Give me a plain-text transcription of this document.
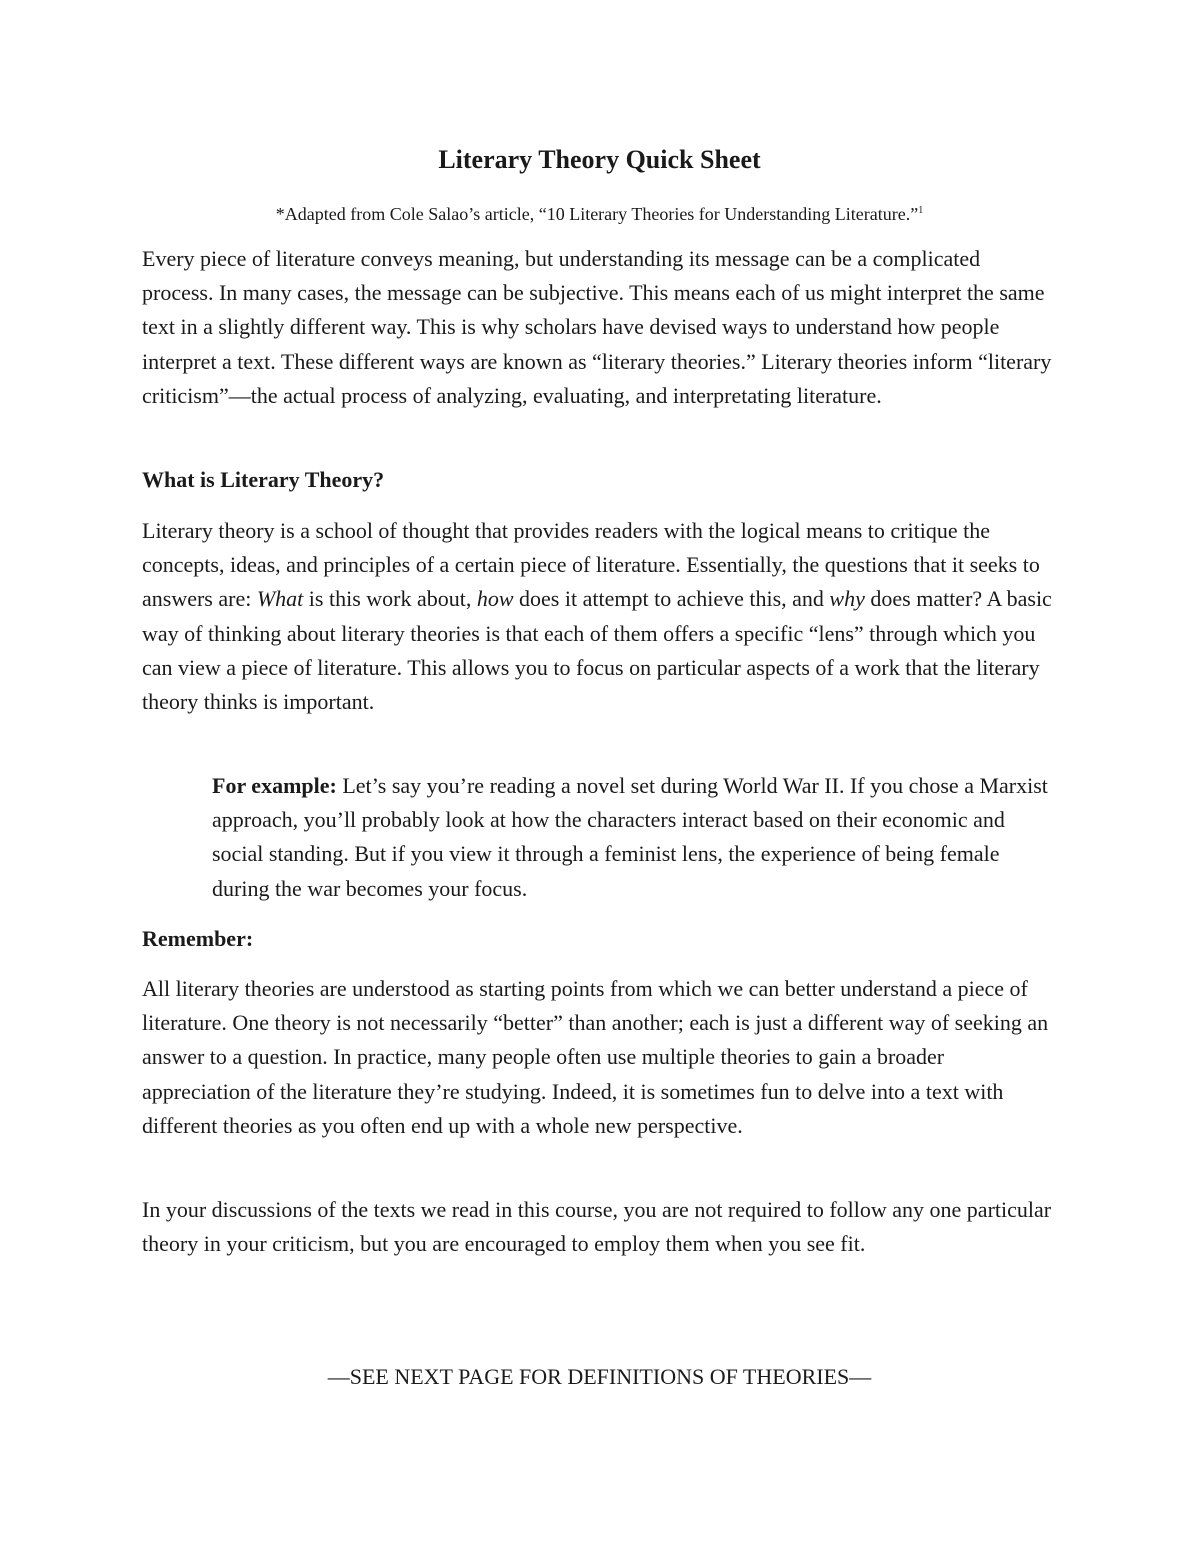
Literary Theory Quick Sheet

*Adapted from Cole Salao’s article, “10 Literary Theories for Understanding Literature.”$^1$

Every piece of literature conveys meaning, but understanding its message can be a complicated process. In many cases, the message can be subjective. This means each of us might interpret the same text in a slightly different way. This is why scholars have devised ways to understand how people interpret a text. These different ways are known as “literary theories.” Literary theories inform “literary criticism”—the actual process of analyzing, evaluating, and interpretating literature.

What is Literary Theory?

Literary theory is a school of thought that provides readers with the logical means to critique the concepts, ideas, and principles of a certain piece of literature. Essentially, the questions that it seeks to answers are: What is this work about, how does it attempt to achieve this, and why does matter? A basic way of thinking about literary theories is that each of them offers a specific “lens” through which you can view a piece of literature. This allows you to focus on particular aspects of a work that the literary theory thinks is important.

For example: Let’s say you’re reading a novel set during World War II. If you chose a Marxist approach, you’ll probably look at how the characters interact based on their economic and social standing. But if you view it through a feminist lens, the experience of being female during the war becomes your focus.

Remember:

All literary theories are understood as starting points from which we can better understand a piece of literature. One theory is not necessarily “better” than another; each is just a different way of seeking an answer to a question. In practice, many people often use multiple theories to gain a broader appreciation of the literature they’re studying. Indeed, it is sometimes fun to delve into a text with different theories as you often end up with a whole new perspective.

In your discussions of the texts we read in this course, you are not required to follow any one particular theory in your criticism, but you are encouraged to employ them when you see fit.

—SEE NEXT PAGE FOR DEFINITIONS OF THEORIES—
